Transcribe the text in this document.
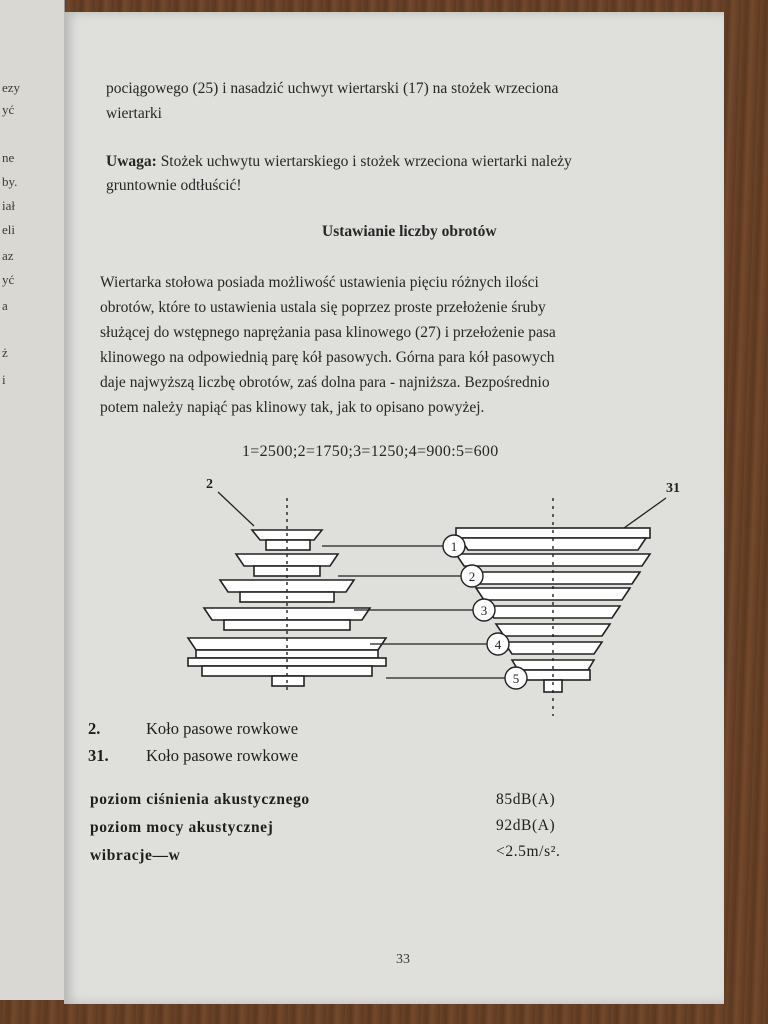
ezy
yć
ne
by.
iał
eli
az
yć
a
ż
i
pociągowego (25) i nasadzić uchwyt wiertarski (17) na stożek wrzeciona
wiertarki
Uwaga: Stożek uchwytu wiertarskiego i stożek wrzeciona wiertarki należy
gruntownie odtłuścić!
Ustawianie liczby obrotów
Wiertarka stołowa posiada możliwość ustawienia pięciu różnych ilości
obrotów, które to ustawienia ustala się poprzez proste przełożenie śruby
służącej do wstępnego naprężania pasa klinowego (27) i przełożenie pasa
klinowego na odpowiednią parę kół pasowych. Górna para kół pasowych
daje najwyższą liczbę obrotów, zaś dolna para - najniższa. Bezpośrednio
potem należy napiąć pas klinowy tak, jak to opisano powyżej.
1=2500;2=1750;3=1250;4=900:5=600
2	31
1
2
3
4
5
2.	Koło pasowe rowkowe
31. Koło pasowe rowkowe
poziom ciśnienia akustycznego	85dB(A)
poziom mocy akustycznej	92dB(A)
wibracje—w	<2.5m/s².
33
